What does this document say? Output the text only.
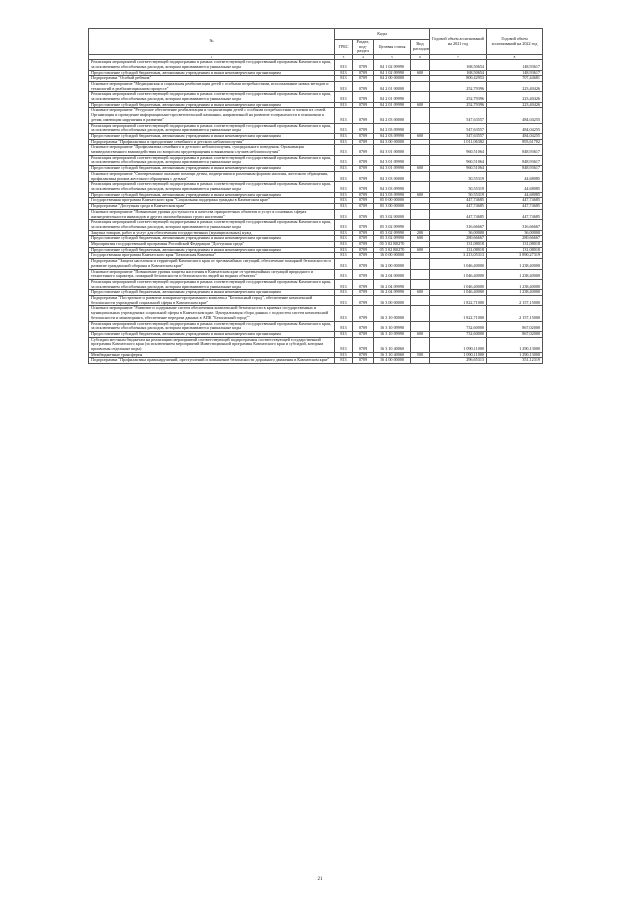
№	Коды				Годовой объем ассигнований на 2021 год	Годовой объем ассигнований на 2022 год
	ГРБС	Раздел, под-раздел	Целевая статья	Вид расходов		
1	3	4	5	6	7	8
Реализация мероприятий соответствующей подпрограммы в рамках соответствующей государственной программы Камчатского края, за исключением обособленных расходов, которым присваиваются уникальные коды	813	0709	04 1 02 09990		168,50654	148,93617
Предоставление субсидий бюджетным, автономным учреждениям и иным некоммерческим организациям	813	0709	04 1 02 09990	600	168,50654	148,93617
Подпрограмма "Особый ребенок"	813	0709	04 2 00 00000		800,42953	707,44681
Основное мероприятие "Медицинская и социальная реабилитация детей с особыми потребностями, использование новых методов и технологий в реабилитационном процессе"	813	0709	04 2 01 00000		252,79396	223,40426
Реализация мероприятий соответствующей подпрограммы в рамках соответствующей государственной программы Камчатского края, за исключением обособленных расходов, которым присваиваются уникальные коды	813	0709	04 2 01 09990		252,79396	223,40426
Предоставление субсидий бюджетным, автономным учреждениям и иным некоммерческим организациям	813	0709	04 2 01 09990	600	252,79396	223,40426
Основное мероприятие "Ресурсное обеспечение реабилитации и социализации детей с особыми потребностями и членов их семей. Организация и проведение информационно-просветительской кампании, направленной на развитие толерантности в отношении к детям, имеющим нарушения в развитии"	813	0709	04 2 03 00000		547,63557	484,04255
Реализация мероприятий соответствующей подпрограммы в рамках соответствующей государственной программы Камчатского края, за исключением обособленных расходов, которым присваиваются уникальные коды	813	0709	04 2 03 09990		547,63557	484,04255
Предоставление субсидий бюджетным, автономным учреждениям и иным некоммерческим организациям	813	0709	04 2 03 09990	600	547,63557	484,04255
Подпрограмма "Профилактика и преодоление семейного и детского неблагополучия"	813	0709	04 3 00 00000		1 011,06382	893,61702
Основное мероприятие "Профилактика семейного и детского неблагополучия, суицидального поведения. Организация межведомственного взаимодействия по вопросам предотвращения и выявления случаев неблагополучия"	813	0709	04 3 01 00000		960,51064	848,93617
Реализация мероприятий соответствующей подпрограммы в рамках соответствующей государственной программы Камчатского края, за исключением обособленных расходов, которым присваиваются уникальные коды	813	0709	04 3 01 09990		960,51064	848,93617
Предоставление субсидий бюджетным, автономным учреждениям и иным некоммерческим организациям	813	0709	04 3 01 09990	600	960,51064	848,93617
Основное мероприятие "Своевременное оказание помощи детям, подвергшимся различным формам насилия, жестокого обращения, профилактика рисков жестокого обращения с детьми"	813	0709	04 3 03 00000		50,55319	44,68085
Реализация мероприятий соответствующей подпрограммы в рамках соответствующей государственной программы Камчатского края, за исключением обособленных расходов, которым присваиваются уникальные коды	813	0709	04 3 03 09990		50,55319	44,68085
Предоставление субсидий бюджетным, автономным учреждениям и иным некоммерческим организациям	813	0709	04 3 03 09990	600	50,55319	44,68085
Государственная программа Камчатского края "Социальная поддержка граждан в Камчатском крае"	813	0709	05 0 00 00000		447,74685	447,74685
Подпрограмма "Доступная среда в Камчатском крае"	813	0709	05 3 00 00000		447,74685	447,74685
Основное мероприятие "Повышение уровня доступности и качества приоритетных объектов и услуг в основных сферах жизнедеятельности инвалидов и других маломобильных групп населения"	813	0709	05 3 02 00000		447,74685	447,74685
Реализация мероприятий соответствующей подпрограммы в рамках соответствующей государственной программы Камчатского края, за исключением обособленных расходов, которым присваиваются уникальные коды	813	0709	05 3 02 09990		316,66667	316,66667
Закупка товаров, работ и услуг для обеспечения государственных (муниципальных) нужд	813	0709	05 3 02 09990	200	36,00000	36,00000
Предоставление субсидий бюджетным, автономным учреждениям и иным некоммерческим организациям	813	0709	05 3 02 09990	600	280,66667	280,66667
Мероприятия государственной программы Российской Федерации "Доступная среда"	813	0709	05 3 02 R0270		131,08018	131,08018
Предоставление субсидий бюджетным, автономным учреждениям и иным некоммерческим организациям	813	0709	05 3 02 R0270	600	131,08018	131,08018
Государственная программа Камчатского края "Безопасная Камчатка"	813	0709	16 0 00 00000		3 213,05313	3 890,27319
Подпрограмма "Защита населения и территорий Камчатского края от чрезвычайных ситуаций, обеспечение пожарной безопасности и развитие гражданской обороны в Камчатском крае"	813	0709	16 2 00 00000		1 046,40000	1 238,40000
Основное мероприятие "Повышение уровня защиты населения в Камчатском крае от чрезвычайных ситуаций природного и техногенного характера, пожарной безопасности и безопасности людей на водных объектах"	813	0709	16 2 04 00000		1 046,40000	1 238,40000
Реализация мероприятий соответствующей подпрограммы в рамках соответствующей государственной программы Камчатского края, за исключением обособленных расходов, которым присваиваются уникальные коды	813	0709	16 2 04 09990		1 046,40000	1 238,40000
Предоставление субсидий бюджетным, автономным учреждениям и иным некоммерческим организациям	813	0709	16 2 04 09990	600	1 046,40000	1 238,40000
Подпрограмма "Построение и развитие аппаратно-программного комплекса "Безопасный город", обеспечение комплексной безопасности учреждений социальной сферы в Камчатском крае"	813	0709	16 3 00 00000		1 822,71000	2 157,15000
Основное мероприятие "Развитие и содержание систем обеспечения комплексной безопасности в краевых государственных и муниципальных учреждениях социальной сферы в Камчатском крае. Централизация сбора данных с подсистем систем комплексной безопасности и мониторинга, обеспечение передачи данных в АПК "Безопасный город""	813	0709	16 3 10 00000		1 822,71000	2 157,15000
Реализация мероприятий соответствующей подпрограммы в рамках соответствующей государственной программы Камчатского края, за исключением обособленных расходов, которым присваиваются уникальные коды	813	0709	16 3 10 09990		732,60000	867,02000
Предоставление субсидий бюджетным, автономным учреждениям и иным некоммерческим организациям	813	0709	16 3 10 09990	600	732,60000	867,02000
Субсидии местным бюджетам на реализацию мероприятий соответствующей подпрограммы соответствующей государственной программы Камчатского края (за исключением мероприятий Инвестиционной программы Камчатского края и субсидий, которым присвоены отдельные коды)	813	0709	16 3 10 40060		1 090,11000	1 290,13000
Межбюджетные трансферты	813	0709	16 3 10 40060	500	1 090,11000	1 290,13000
Подпрограмма "Профилактика правонарушений, преступлений и повышение безопасности дорожного движения в Камчатском крае"	813	0709	16 4 00 00000		296,65313	351,12319
21
